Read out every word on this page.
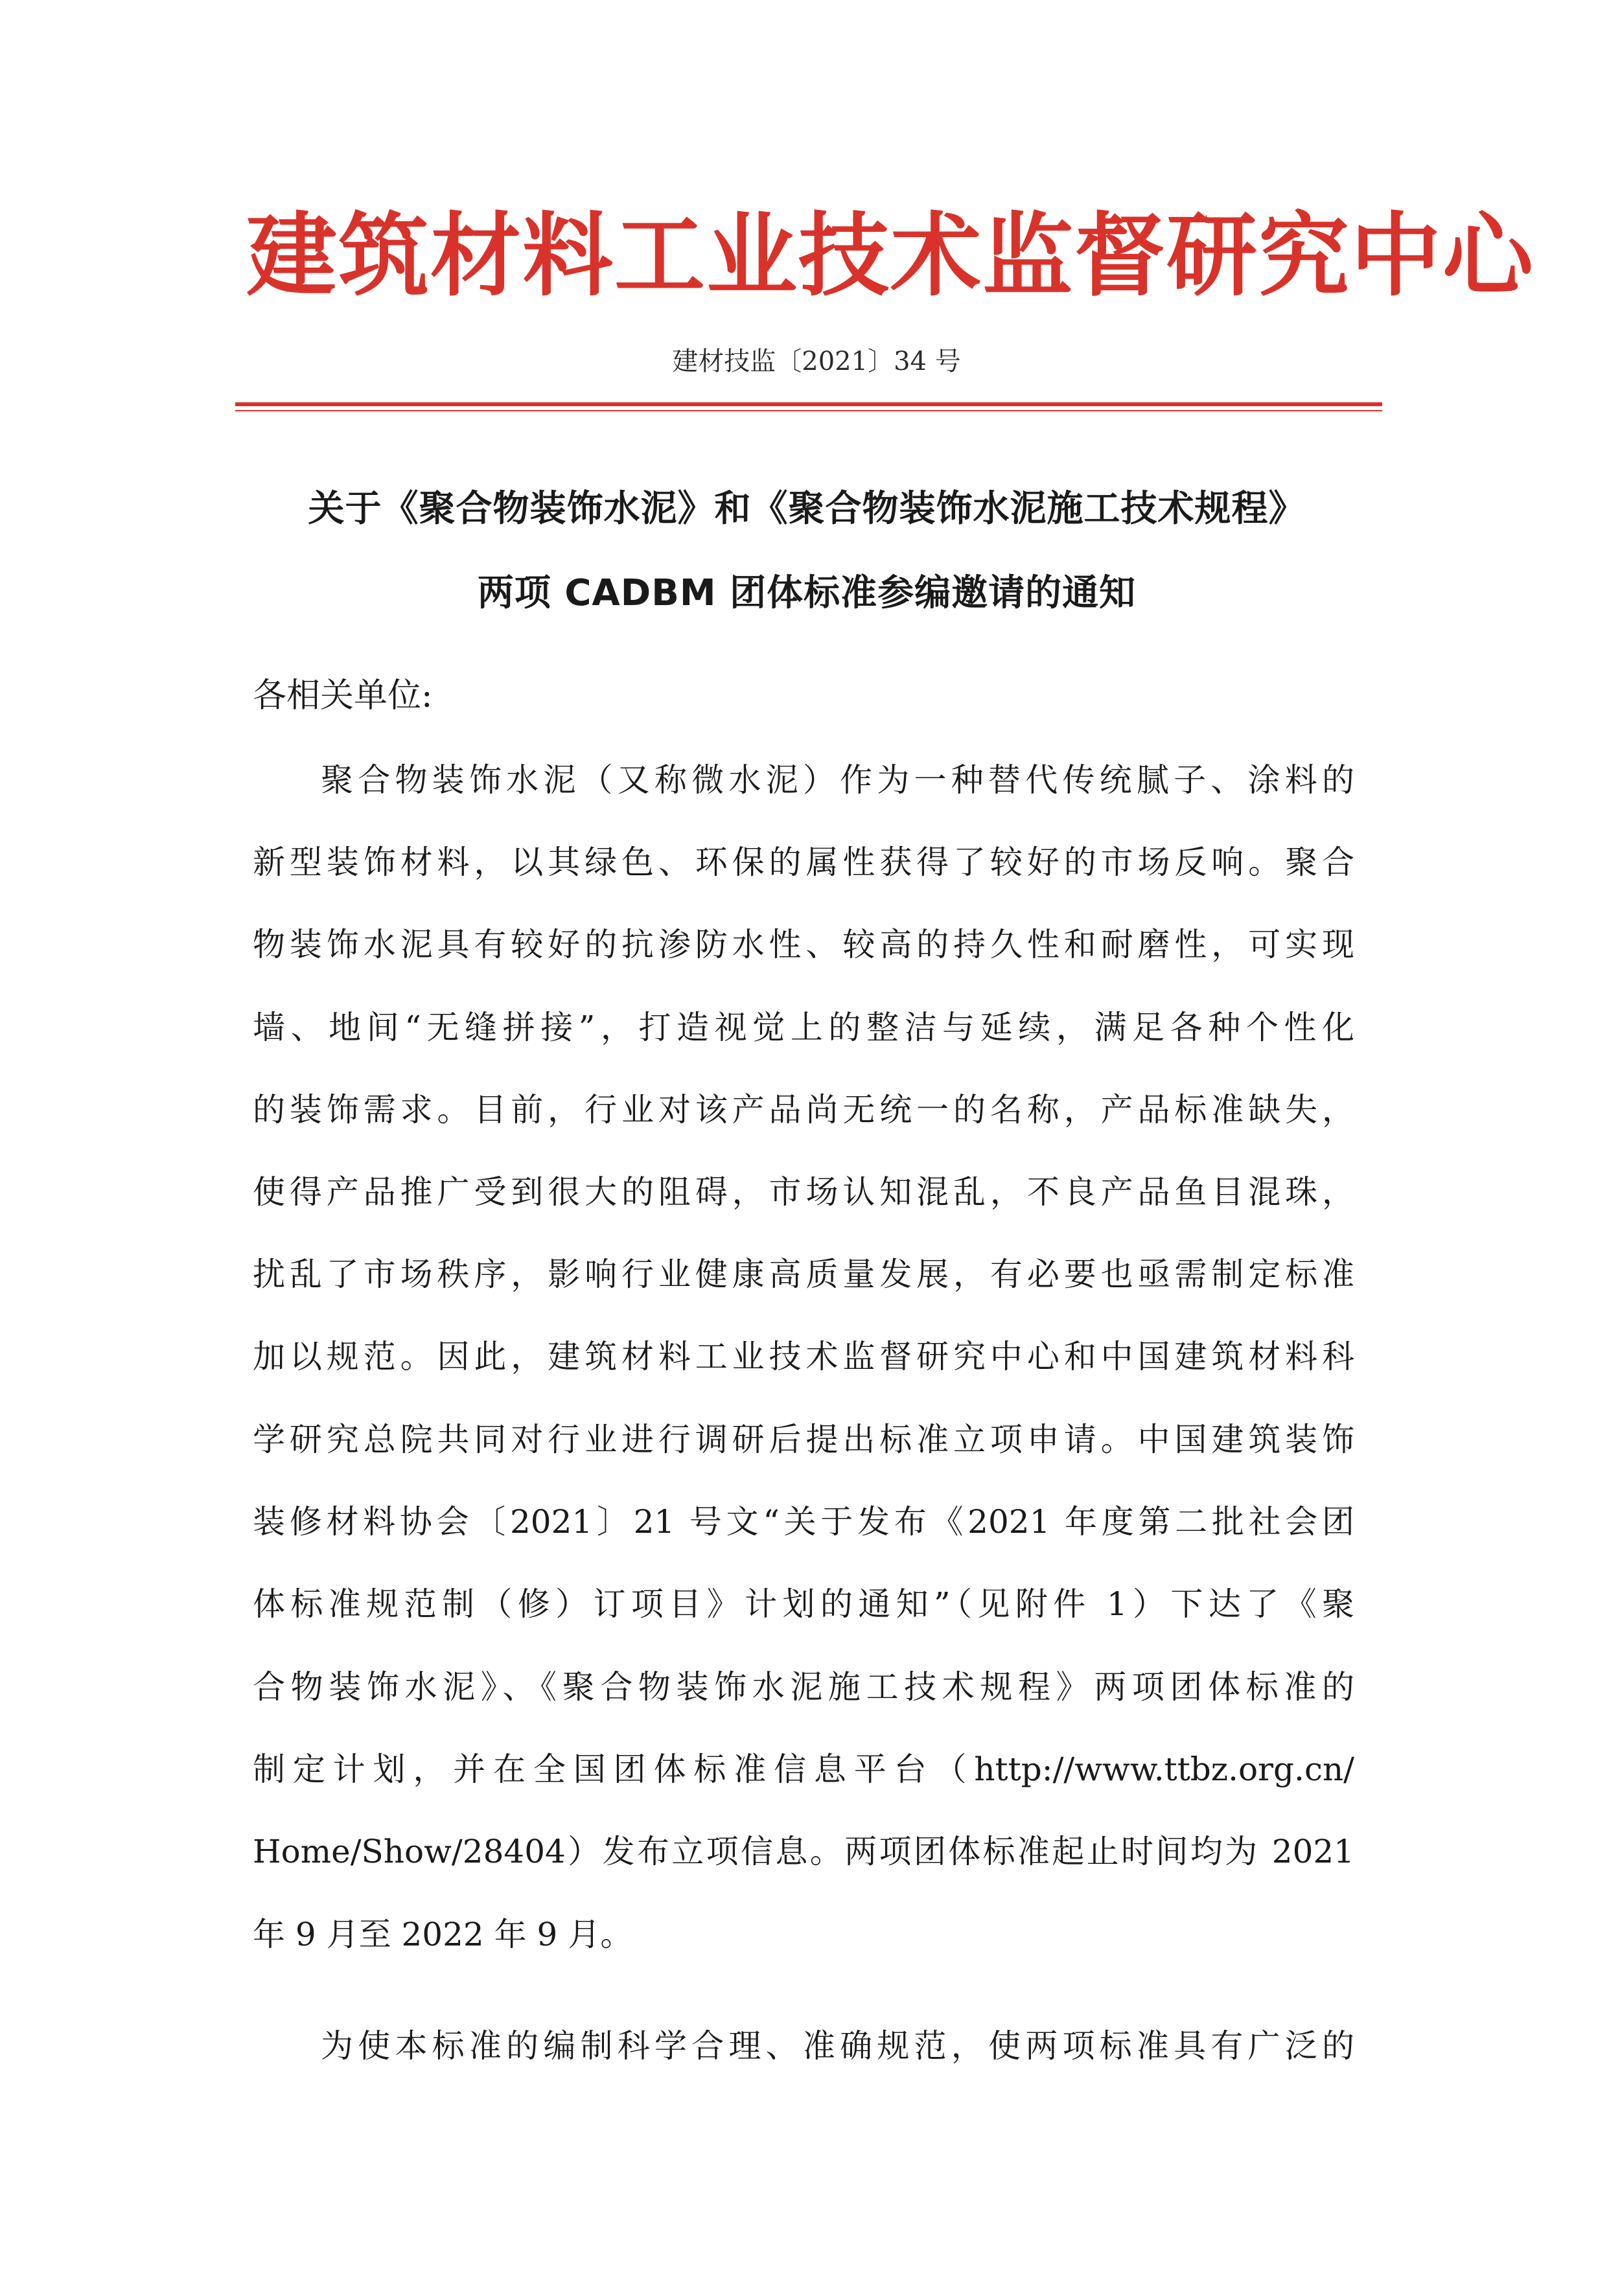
建筑材料工业技术监督研究中心
建材技监〔2021〕34 号
关于《聚合物装饰水泥》和《聚合物装饰水泥施工技术规程》
两项 CADBM 团体标准参编邀请的通知
各相关单位:
聚合物装饰水泥（又称微水泥）作为一种替代传统腻子、涂料的
新型装饰材料，以其绿色、环保的属性获得了较好的市场反响。聚合
物装饰水泥具有较好的抗渗防水性、较高的持久性和耐磨性，可实现
墙、地间“无缝拼接”，打造视觉上的整洁与延续，满足各种个性化
的装饰需求。目前，行业对该产品尚无统一的名称，产品标准缺失，
使得产品推广受到很大的阻碍，市场认知混乱，不良产品鱼目混珠，
扰乱了市场秩序，影响行业健康高质量发展，有必要也亟需制定标准
加以规范。因此，建筑材料工业技术监督研究中心和中国建筑材料科
学研究总院共同对行业进行调研后提出标准立项申请。中国建筑装饰
装修材料协会〔2021〕21 号文“关于发布《2021 年度第二批社会团
体标准规范制（修）订项目》计划的通知”（见附件 1）下达了《聚
合物装饰水泥》、《聚合物装饰水泥施工技术规程》两项团体标准的
制定计划，并在全国团体标准信息平台（http://www.ttbz.org.cn/
Home/Show/28404）发布立项信息。两项团体标准起止时间均为 2021
年 9 月至 2022 年 9 月。
为使本标准的编制科学合理、准确规范，使两项标准具有广泛的
